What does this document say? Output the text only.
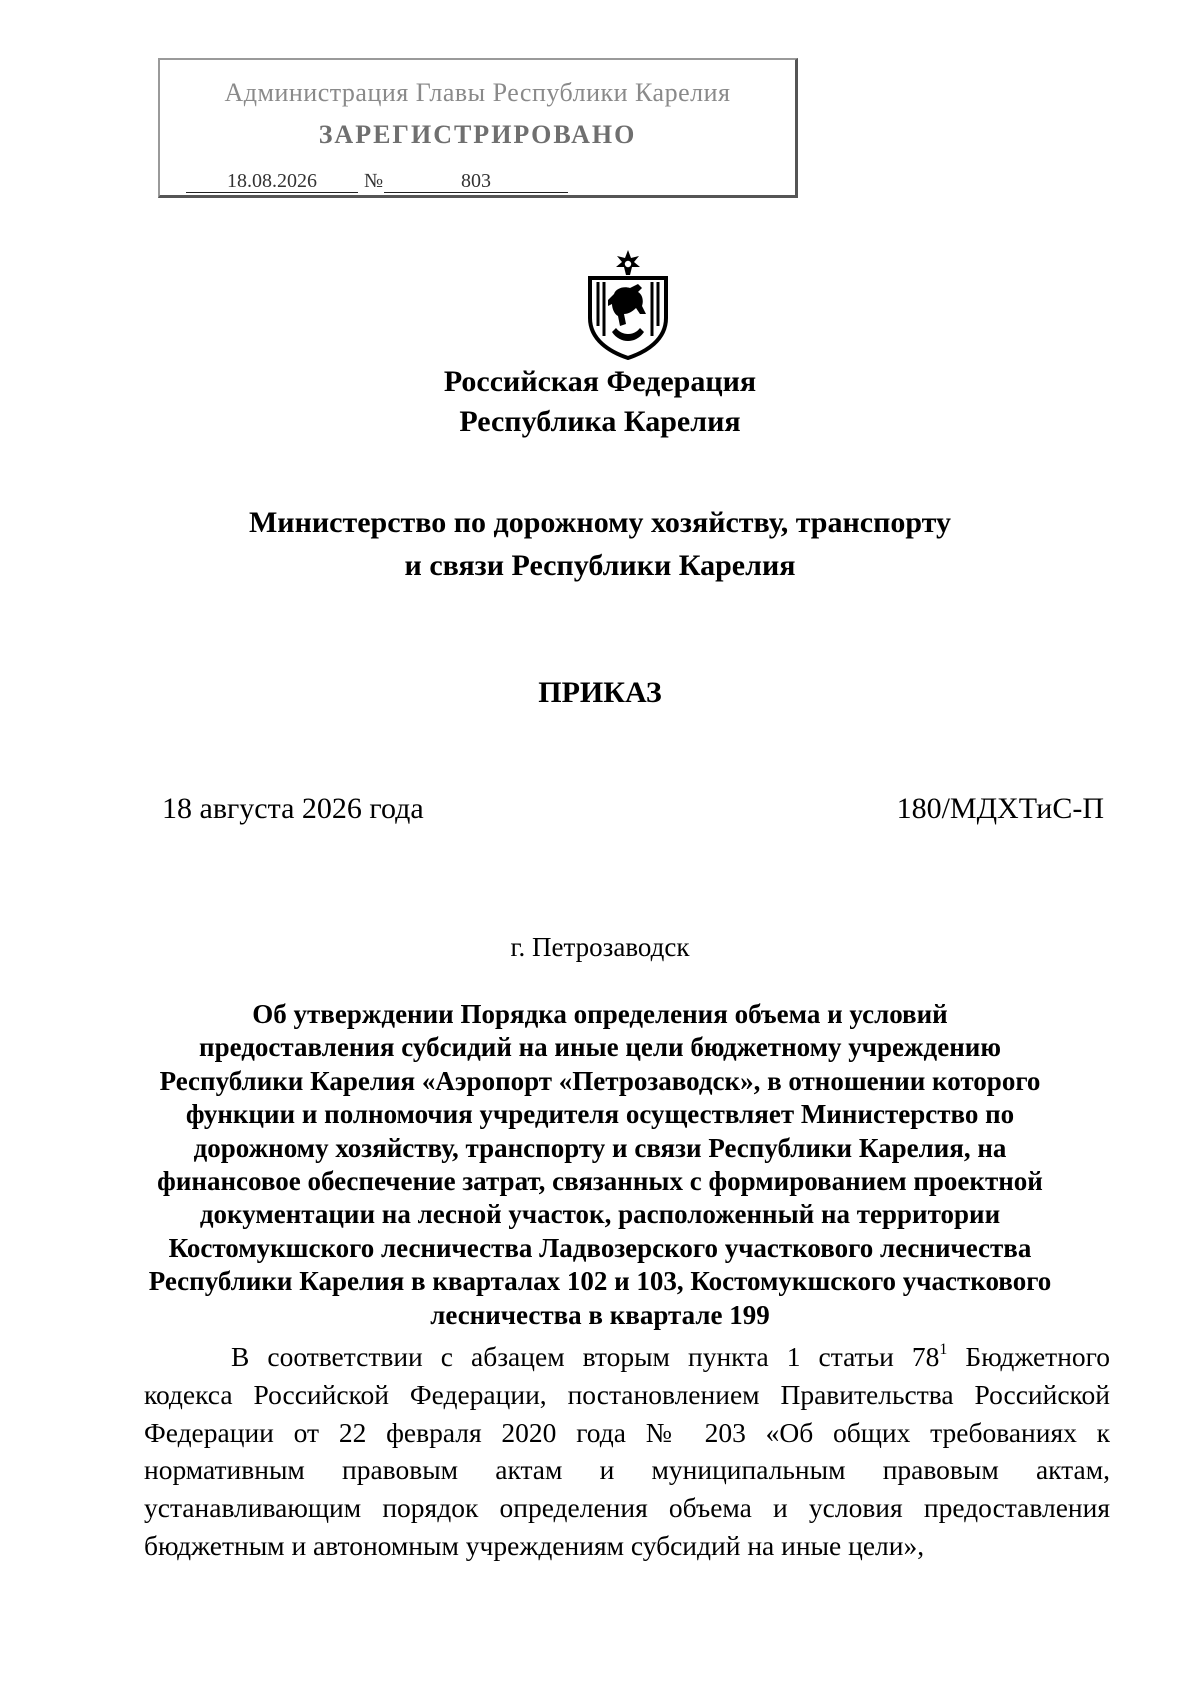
Администрация Главы Республики Карелия
ЗАРЕГИСТРИРОВАНО
18.08.2026	№	803
Российская Федерация
Республика Карелия
Министерство по дорожному хозяйству, транспорту
и связи Республики Карелия
ПРИКАЗ
18 августа 2026 года	180/МДХТиС-П
г. Петрозаводск
Об утверждении Порядка определения объема и условий
предоставления субсидий на иные цели бюджетному учреждению
Республики Карелия «Аэропорт «Петрозаводск», в отношении которого
функции и полномочия учредителя осуществляет Министерство по
дорожному хозяйству, транспорту и связи Республики Карелия, на
финансовое обеспечение затрат, связанных с формированием проектной
документации на лесной участок, расположенный на территории
Костомукшского лесничества Ладвозерского участкового лесничества
Республики Карелия в кварталах 102 и 103, Костомукшского участкового
лесничества в квартале 199
В соответствии с абзацем вторым пункта 1 статьи $78^1$ Бюджетного
кодекса Российской Федерации, постановлением Правительства Российской
Федерации от 22 февраля 2020 года № 203 «Об общих требованиях к
нормативным правовым актам и муниципальным правовым актам,
устанавливающим порядок определения объема и условия предоставления
бюджетным и автономным учреждениям субсидий на иные цели»,
